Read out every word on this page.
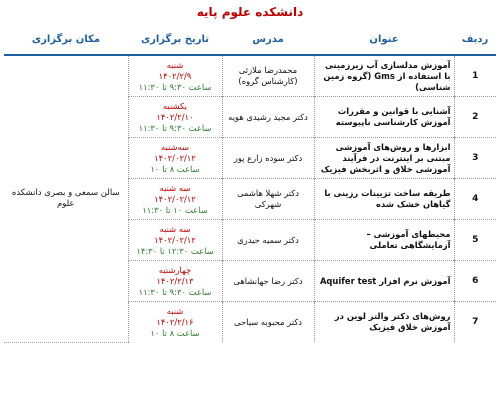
دانشکده علوم پایه
ردیف	عنوان	مدرس	تاریخ برگزاری	مکان برگزاری
1	آموزش مدلسازی آب زیرزمینی با استفاده از Gms (گروه زمین شناسی)	محمدرضا ملازئی (کارشناس گروه)	شنبه
۱۴۰۲/۲/۹
ساعت ۹:۳۰ تا ۱۱:۳۰	سالن سمعی و بصری دانشکده علوم
2	آشنایی با قوانین و مقررات آموزش کارشناسی ناپیوسته	دکتر مجید رشیدی هویه	یکشنبه
۱۴۰۲/۲/۱۰
ساعت ۹:۳۰ تا ۱۱:۳۰	

3	ابزارها و روش‌های آموزشی مبتنی بر اینترنت در فرآیند آموزشی خلاق و اثربخش فیزیک	دکتر سوده زارع پور	سه‌شنبه
۱۴۰۲/۰۲/۱۲
ساعت ۸ تا ۱۰	

4	طریقه ساخت تزیینات رزینی با گیاهان خشک شده	دکتر شهلا هاشمی شهرکی	سه شنبه
۱۴۰۲/۰۲/۱۲
ساعت ۱۰ تا ۱۱:۳۰	

5	محیطهای آموزشی – آزمایشگاهی تعاملی	دکتر سمیه حیدری	سه شنبه
۱۴۰۲/۰۲/۱۲
ساعت ۱۲:۳۰ تا ۱۴:۳۰	

6	آموزش نرم افزار Aquifer test	دکتر رضا جهانشاهی	چهارشنبه
۱۴۰۲/۲/۱۳
ساعت ۹:۳۰ تا ۱۱:۳۰	

7	روش‌های دکتر والتر لوین در آموزش خلاق فیزیک	دکتر محبوبه سیاحی	شنبه
۱۴۰۲/۲/۱۶
ساعت ۸ تا ۱۰	
